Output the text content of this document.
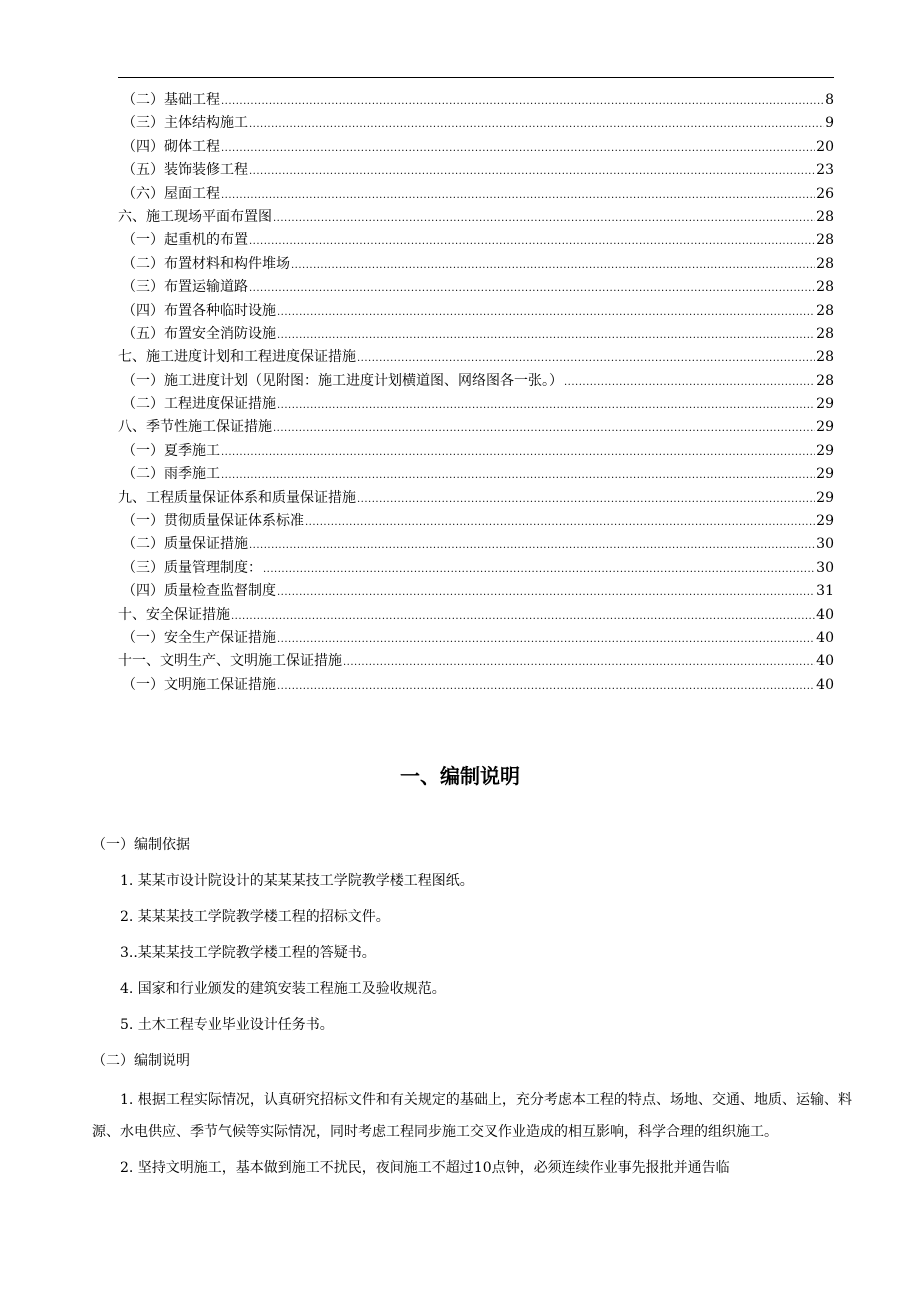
（二） 基础工程 .....	8
（三） 主体结构施工 .....	9
（四） 砌体工程 .....	20
（五） 装饰装修工程 .....	23
（六） 屋面工程 .....	26
六、 施工现场平面布置图 .....	28
（一） 起重机的布置 .....	28
（二） 布置材料和构件堆场 .....	28
（三） 布置运输道路 .....	28
（四） 布置各种临时设施 .....	28
（五） 布置安全消防设施 .....	28
七、 施工进度计划和工程进度保证措施 .....	28
（一） 施工进度计划（见附图：施工进度计划横道图、网络图各一张。） .....	28
（二） 工程进度保证措施 .....	29
八、 季节性施工保证措施 .....	29
（一） 夏季施工 .....	29
（二） 雨季施工 .....	29
九、 工程质量保证体系和质量保证措施 .....	29
（一） 贯彻质量保证体系标准 .....	29
（二） 质量保证措施 .....	30
（三） 质量管理制度： .....	30
（四） 质量检查监督制度 .....	31
十、 安全保证措施 .....	40
（一） 安全生产保证措施 .....	40
十一、 文明生产、文明施工保证措施 .....	40
（一） 文明施工保证措施 .....	40
一、编制说明
（一）编制依据
1. 某某市设计院设计的某某某技工学院教学楼工程图纸。
2. 某某某技工学院教学楼工程的招标文件。
3..某某某技工学院教学楼工程的答疑书。
4. 国家和行业颁发的建筑安装工程施工及验收规范。
5. 土木工程专业毕业设计任务书。
（二）编制说明
1. 根据工程实际情况，认真研究招标文件和有关规定的基础上，充分考虑本工程的特点、场地、交通、地质、运输、料源、水电供应、季节气候等实际情况，同时考虑工程同步施工交叉作业造成的相互影响，科学合理的组织施工。
2. 坚持文明施工，基本做到施工不扰民，夜间施工不超过10点钟，必须连续作业事先报批并通告临
